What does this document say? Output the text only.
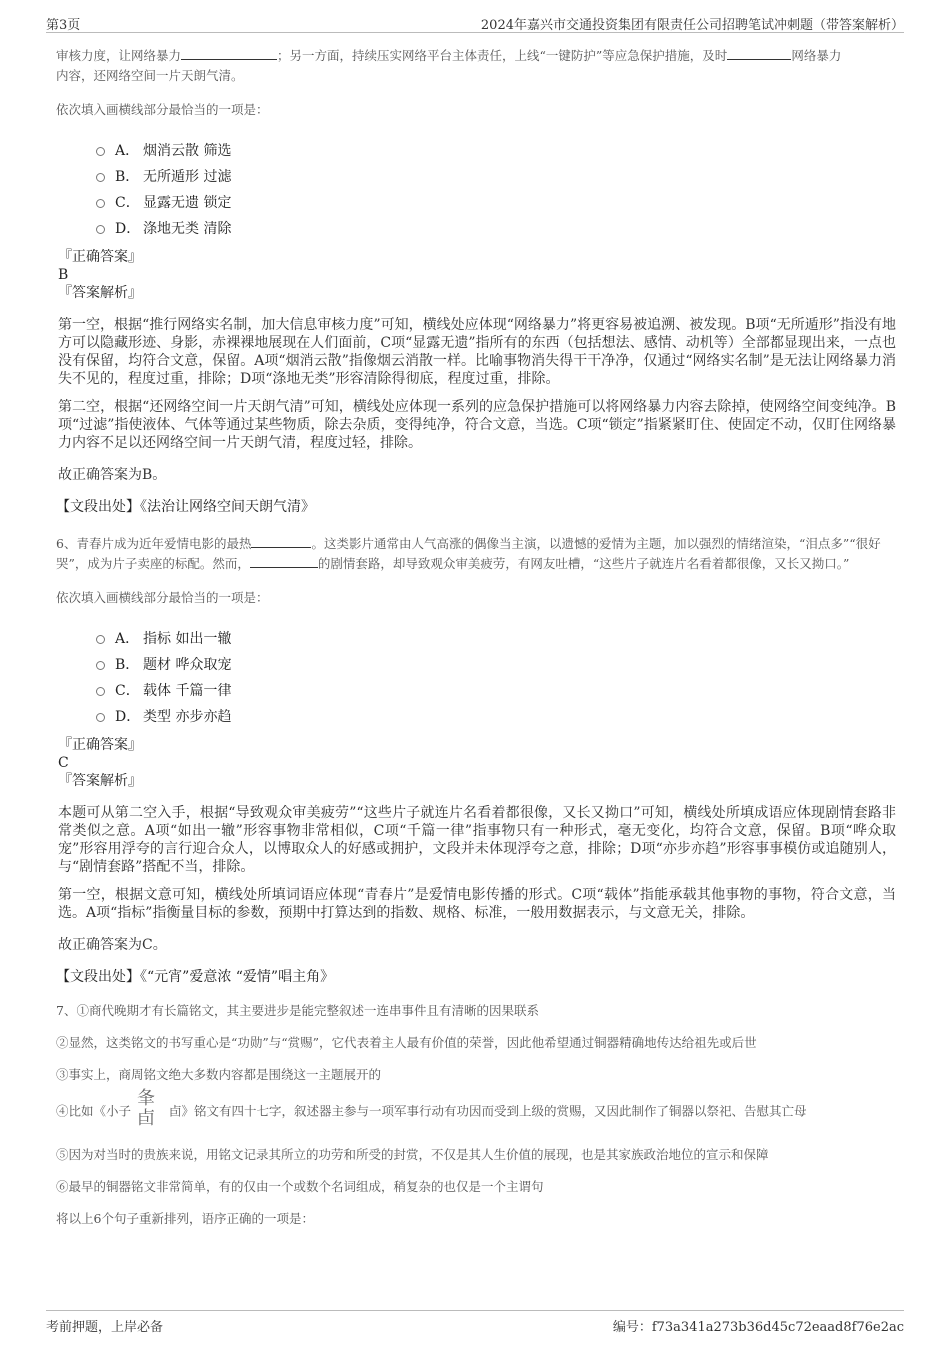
第3页	2024年嘉兴市交通投资集团有限责任公司招聘笔试冲刺题（带答案解析）

审核力度，让网络暴力	；另一方面，持续压实网络平台主体责任，上线“一键防护”等应急保护措施，及时	网络暴力

内容，还网络空间一片天朗气清。

依次填入画横线部分最恰当的一项是：

A． 烟消云散 筛选
B． 无所遁形 过滤
C． 显露无遗 锁定
D． 涤地无类 清除
『正确答案』
B
『答案解析』

第一空，根据“推行网络实名制，加大信息审核力度”可知，横线处应体现“网络暴力”将更容易被追溯、被发现。B项“无所遁形”指没有地方可以隐藏形迹、身影，赤裸裸地展现在人们面前，C项“显露无遗”指所有的东西（包括想法、感情、动机等）全部都显现出来，一点也没有保留，均符合文意，保留。A项“烟消云散”指像烟云消散一样。比喻事物消失得干干净净，仅通过“网络实名制”是无法让网络暴力消失不见的，程度过重，排除；D项“涤地无类”形容清除得彻底，程度过重，排除。

第二空，根据“还网络空间一片天朗气清”可知，横线处应体现一系列的应急保护措施可以将网络暴力内容去除掉，使网络空间变纯净。B项“过滤”指使液体、气体等通过某些物质，除去杂质，变得纯净，符合文意，当选。C项“锁定”指紧紧盯住、使固定不动，仅盯住网络暴力内容不足以还网络空间一片天朗气清，程度过轻，排除。

故正确答案为B。

【文段出处】《法治让网络空间天朗气清》

6、青春片成为近年爱情电影的最热	。这类影片通常由人气高涨的偶像当主演，以遗憾的爱情为主题，加以强烈的情绪渲染，“泪点多”“很好哭”，成为片子卖座的标配。然而，	的剧情套路，却导致观众审美疲劳，有网友吐槽，“这些片子就连片名看着都很像，又长又拗口。”

依次填入画横线部分最恰当的一项是：

A． 指标 如出一辙
B． 题材 哗众取宠
C． 载体 千篇一律
D． 类型 亦步亦趋
『正确答案』
C
『答案解析』

本题可从第二空入手，根据“导致观众审美疲劳”“这些片子就连片名看着都很像，又长又拗口”可知，横线处所填成语应体现剧情套路非常类似之意。A项“如出一辙”形容事物非常相似，C项“千篇一律”指事物只有一种形式，毫无变化，均符合文意，保留。B项“哗众取宠”形容用浮夸的言行迎合众人，以博取众人的好感或拥护，文段并未体现浮夸之意，排除；D项“亦步亦趋”形容事事模仿或追随别人，与“剧情套路”搭配不当，排除。

第一空，根据文意可知，横线处所填词语应体现“青春片”是爱情电影传播的形式。C项“载体”指能承载其他事物的事物，符合文意，当选。A项“指标”指衡量目标的参数，预期中打算达到的指数、规格、标准，一般用数据表示，与文意无关，排除。

故正确答案为C。

【文段出处】《“元宵”爱意浓 “爱情”唱主角》

7、①商代晚期才有长篇铭文，其主要进步是能完整叙述一连串事件且有清晰的因果联系

②显然，这类铭文的书写重心是“功勋”与“赏赐”，它代表着主人最有价值的荣誉，因此他希望通过铜器精确地传达给祖先或后世

③事实上，商周铭文绝大多数内容都是围绕这一主题展开的

④比如《小子
夆
卣 卣》铭文有四十七字，叙述器主参与一项军事行动有功因而受到上级的赏赐，又因此制作了铜器以祭祀、告慰其亡母

⑤因为对当时的贵族来说，用铭文记录其所立的功劳和所受的封赏，不仅是其人生价值的展现，也是其家族政治地位的宣示和保障

⑥最早的铜器铭文非常简单，有的仅由一个或数个名词组成，稍复杂的也仅是一个主谓句

将以上6个句子重新排列，语序正确的一项是：

考前押题，上岸必备	编号：f73a341a273b36d45c72eaad8f76e2ac
